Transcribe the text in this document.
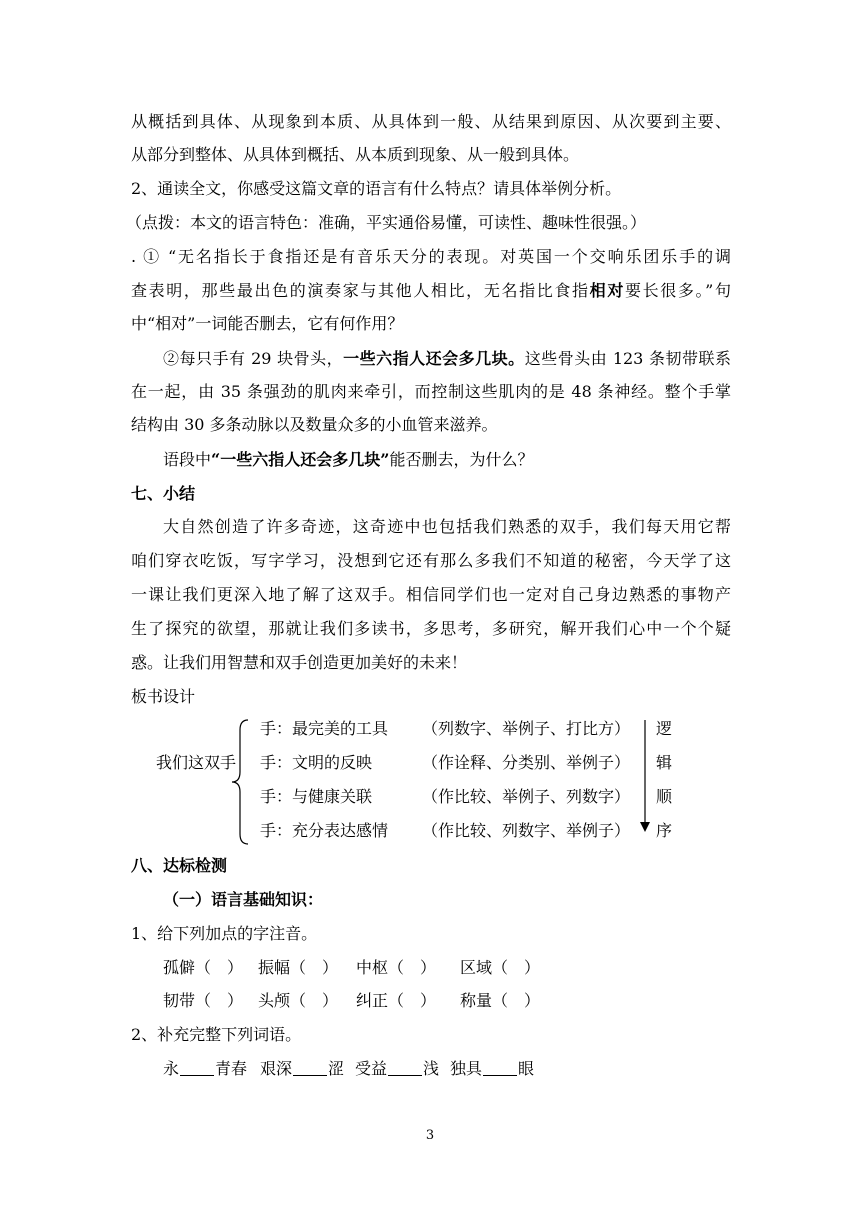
从概括到具体、从现象到本质、从具体到一般、从结果到原因、从次要到主要、
从部分到整体、从具体到概括、从本质到现象、从一般到具体。
2、通读全文，你感受这篇文章的语言有什么特点？请具体举例分析。
（点拨：本文的语言特色：准确，平实通俗易懂，可读性、趣味性很强。）
. ① “无名指长于食指还是有音乐天分的表现。对英国一个交响乐团乐手的调
查表明，那些最出色的演奏家与其他人相比，无名指比食指相对要长很多。”句
中“相对”一词能否删去，它有何作用？
②每只手有 29 块骨头，一些六指人还会多几块。这些骨头由 123 条韧带联系
在一起，由 35 条强劲的肌肉来牵引，而控制这些肌肉的是 48 条神经。整个手掌
结构由 30 多条动脉以及数量众多的小血管来滋养。
语段中“一些六指人还会多几块”能否删去，为什么？
七、小结
大自然创造了许多奇迹，这奇迹中也包括我们熟悉的双手，我们每天用它帮
咱们穿衣吃饭，写字学习，没想到它还有那么多我们不知道的秘密，今天学了这
一课让我们更深入地了解了这双手。相信同学们也一定对自己身边熟悉的事物产
生了探究的欲望，那就让我们多读书，多思考，多研究，解开我们心中一个个疑
惑。让我们用智慧和双手创造更加美好的未来！
板书设计
我们这双手
手：最完美的工具 （列数字、举例子、打比方）
手：文明的反映	（作诠释、分类别、举例子）
手：与健康关联	（作比较、举例子、列数字）
手：充分表达感情 （作比较、列数字、举例子）
逻
辑
顺
序
八、达标检测
（一）语言基础知识：
1、给下列加点的字注音。
孤僻（　） 振幅（　） 中枢（　） 区域（　）
韧带（　） 头颅（　） 纠正（　） 称量（　）
2、补充完整下列词语。
永 青春 艰深 涩 受益 浅 独具 眼
3
